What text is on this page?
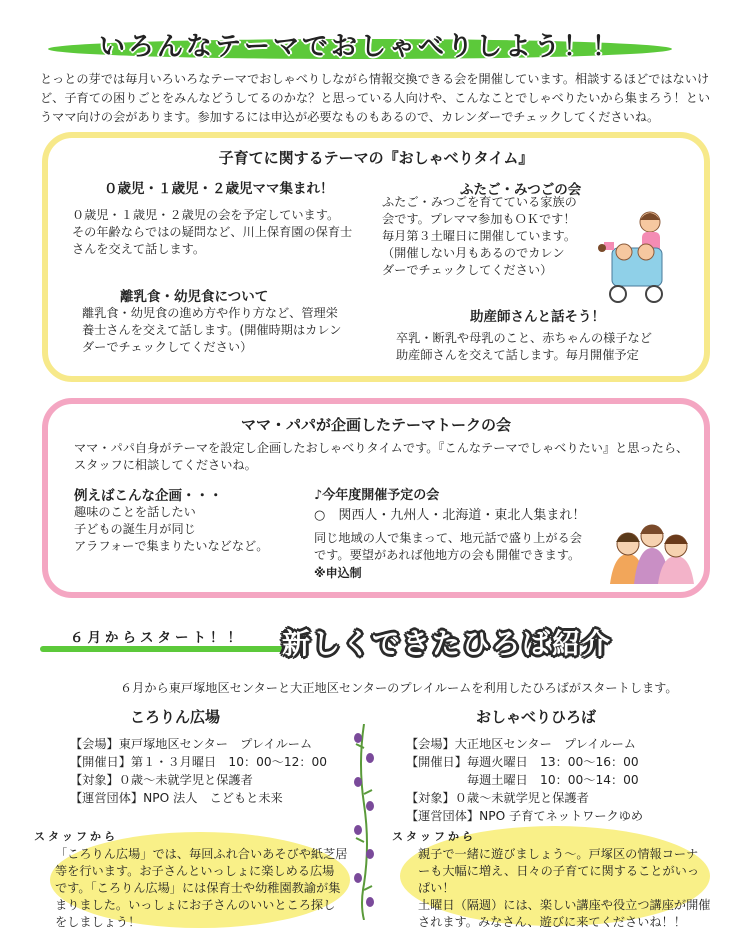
いろんなテーマでおしゃべりしよう！！
とっとの芽では毎月いろいろなテーマでおしゃべりしながら情報交換できる会を開催しています。相談するほどではないけど、子育ての困りごとをみんなどうしてるのかな？と思っている人向けや、こんなことでしゃべりたいから集まろう！というママ向けの会があります。参加するには申込が必要なものもあるので、カレンダーでチェックしてくださいね。
子育てに関するテーマの『おしゃべりタイム』
０歳児・１歳児・２歳児ママ集まれ！
０歳児・１歳児・２歳児の会を予定しています。
その年齢ならではの疑問など、川上保育園の保育士
さんを交えて話します。
離乳食・幼児食について
離乳食・幼児食の進め方や作り方など、管理栄
養士さんを交えて話します。(開催時期はカレン
ダーでチェックしてください）
ふたご・みつごの会
ふたご・みつごを育てている家族の
会です。プレママ参加もＯＫです！
毎月第３土曜日に開催しています。
（開催しない月もあるのでカレン
ダーでチェックしてください）
助産師さんと話そう！
卒乳・断乳や母乳のこと、赤ちゃんの様子など
助産師さんを交えて話します。毎月開催予定
ママ・パパが企画したテーマトークの会
ママ・パパ自身がテーマを設定し企画したおしゃべりタイムです。『こんなテーマでしゃべりたい』と思ったら、
スタッフに相談してくださいね。
例えばこんな企画・・・
趣味のことを話したい
子どもの誕生月が同じ
アラフォーで集まりたいなどなど。
♪今年度開催予定の会
○　関西人・九州人・北海道・東北人集まれ！
同じ地域の人で集まって、地元話で盛り上がる会
です。要望があれば他地方の会も開催できます。
※申込制
６月からスタート！！ 新しくできたひろば紹介
６月から東戸塚地区センターと大正地区センターのプレイルームを利用したひろばがスタートします。
ころりん広場
【会場】東戸塚地区センター　プレイルーム
【開催日】第１・３月曜日　10：00～12：00
【対象】０歳～未就学児と保護者
【運営団体】NPO 法人　こどもと未来
スタッフから
「ころりん広場」では、毎回ふれ合いあそびや紙芝居
等を行います。お子さんといっしょに楽しめる広場
です。「ころりん広場」には保育士や幼稚園教諭が集
まりました。いっしょにお子さんのいいところ探し
をしましょう！
おしゃべりひろば
【会場】大正地区センター　プレイルーム
【開催日】毎週火曜日　13：00～16：00
　　　　　毎週土曜日　10：00～14：00
【対象】０歳～未就学児と保護者
【運営団体】NPO 子育てネットワークゆめ
スタッフから
親子で一緒に遊びましょう～。戸塚区の情報コーナ
ーも大幅に増え、日々の子育てに関することがいっ
ぱい！
土曜日（隔週）には、楽しい講座や役立つ講座が開催
されます。みなさん、遊びに来てくださいね！！
